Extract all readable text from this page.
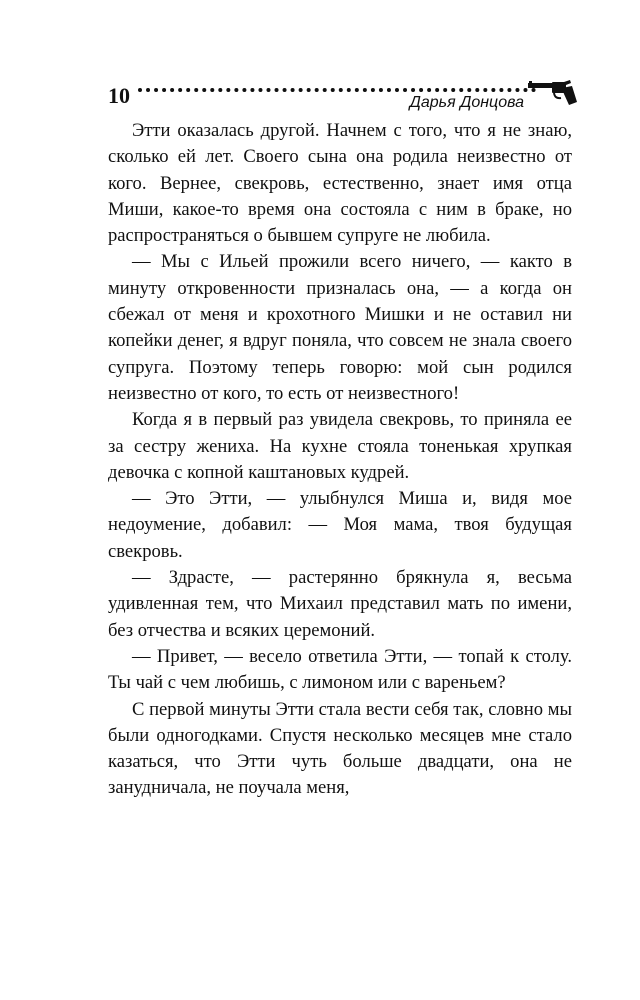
10	Дарья Донцова

Этти оказалась другой. Начнем с того, что я не знаю, сколько ей лет. Своего сына она родила неизвестно от кого. Вернее, свекровь, естественно, знает имя отца Миши, какое-то время она состояла с ним в браке, но распространяться о бывшем супруге не любила.

— Мы с Ильей прожили всего ничего, — както в минуту откровенности призналась она, — а когда он сбежал от меня и крохотного Мишки и не оставил ни копейки денег, я вдруг поняла, что совсем не знала своего супруга. Поэтому теперь говорю: мой сын родился неизвестно от кого, то есть от неизвестного!

Когда я в первый раз увидела свекровь, то приняла ее за сестру жениха. На кухне стояла тоненькая хрупкая девочка с копной каштановых кудрей.

— Это Этти, — улыбнулся Миша и, видя мое недоумение, добавил: — Моя мама, твоя будущая свекровь.

— Здрасте, — растерянно брякнула я, весьма удивленная тем, что Михаил представил мать по имени, без отчества и всяких церемоний.

— Привет, — весело ответила Этти, — топай к столу. Ты чай с чем любишь, с лимоном или с вареньем?

С первой минуты Этти стала вести себя так, словно мы были одногодками. Спустя несколько месяцев мне стало казаться, что Этти чуть больше двадцати, она не занудничала, не поучала меня,
